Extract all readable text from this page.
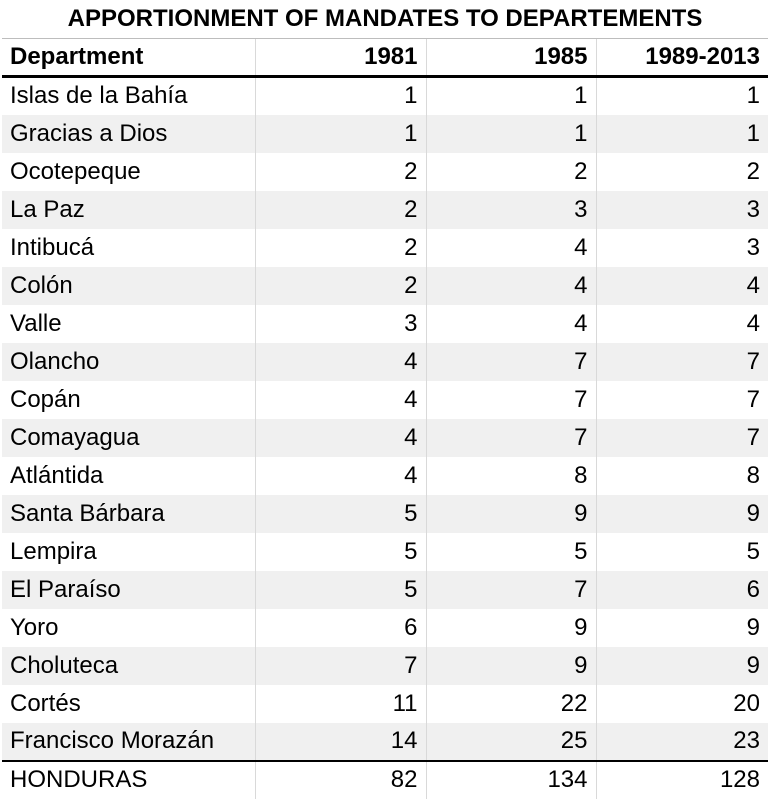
APPORTIONMENT OF MANDATES TO DEPARTEMENTS
Department	1981	1985	1989-2013
Islas de la Bahía	1	1	1
Gracias a Dios	1	1	1
Ocotepeque	2	2	2
La Paz	2	3	3
Intibucá	2	4	3
Colón	2	4	4
Valle	3	4	4
Olancho	4	7	7
Copán	4	7	7
Comayagua	4	7	7
Atlántida	4	8	8
Santa Bárbara	5	9	9
Lempira	5	5	5
El Paraíso	5	7	6
Yoro	6	9	9
Choluteca	7	9	9
Cortés	11	22	20
Francisco Morazán	14	25	23
HONDURAS	82	134	128
